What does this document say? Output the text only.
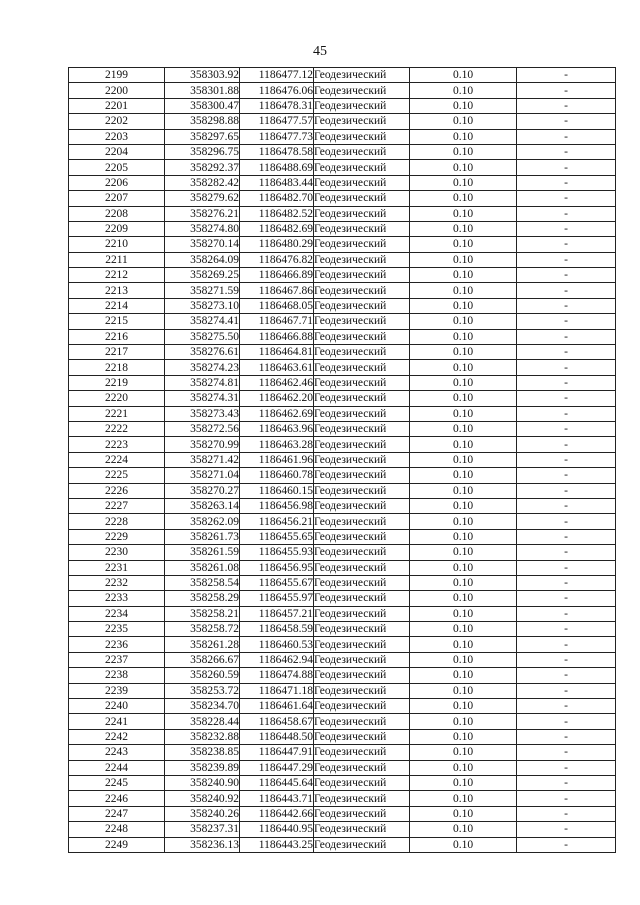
45
2199	358303.92	1186477.12	Геодезический	0.10	-
2200	358301.88	1186476.06	Геодезический	0.10	-
2201	358300.47	1186478.31	Геодезический	0.10	-
2202	358298.88	1186477.57	Геодезический	0.10	-
2203	358297.65	1186477.73	Геодезический	0.10	-
2204	358296.75	1186478.58	Геодезический	0.10	-
2205	358292.37	1186488.69	Геодезический	0.10	-
2206	358282.42	1186483.44	Геодезический	0.10	-
2207	358279.62	1186482.70	Геодезический	0.10	-
2208	358276.21	1186482.52	Геодезический	0.10	-
2209	358274.80	1186482.69	Геодезический	0.10	-
2210	358270.14	1186480.29	Геодезический	0.10	-
2211	358264.09	1186476.82	Геодезический	0.10	-
2212	358269.25	1186466.89	Геодезический	0.10	-
2213	358271.59	1186467.86	Геодезический	0.10	-
2214	358273.10	1186468.05	Геодезический	0.10	-
2215	358274.41	1186467.71	Геодезический	0.10	-
2216	358275.50	1186466.88	Геодезический	0.10	-
2217	358276.61	1186464.81	Геодезический	0.10	-
2218	358274.23	1186463.61	Геодезический	0.10	-
2219	358274.81	1186462.46	Геодезический	0.10	-
2220	358274.31	1186462.20	Геодезический	0.10	-
2221	358273.43	1186462.69	Геодезический	0.10	-
2222	358272.56	1186463.96	Геодезический	0.10	-
2223	358270.99	1186463.28	Геодезический	0.10	-
2224	358271.42	1186461.96	Геодезический	0.10	-
2225	358271.04	1186460.78	Геодезический	0.10	-
2226	358270.27	1186460.15	Геодезический	0.10	-
2227	358263.14	1186456.98	Геодезический	0.10	-
2228	358262.09	1186456.21	Геодезический	0.10	-
2229	358261.73	1186455.65	Геодезический	0.10	-
2230	358261.59	1186455.93	Геодезический	0.10	-
2231	358261.08	1186456.95	Геодезический	0.10	-
2232	358258.54	1186455.67	Геодезический	0.10	-
2233	358258.29	1186455.97	Геодезический	0.10	-
2234	358258.21	1186457.21	Геодезический	0.10	-
2235	358258.72	1186458.59	Геодезический	0.10	-
2236	358261.28	1186460.53	Геодезический	0.10	-
2237	358266.67	1186462.94	Геодезический	0.10	-
2238	358260.59	1186474.88	Геодезический	0.10	-
2239	358253.72	1186471.18	Геодезический	0.10	-
2240	358234.70	1186461.64	Геодезический	0.10	-
2241	358228.44	1186458.67	Геодезический	0.10	-
2242	358232.88	1186448.50	Геодезический	0.10	-
2243	358238.85	1186447.91	Геодезический	0.10	-
2244	358239.89	1186447.29	Геодезический	0.10	-
2245	358240.90	1186445.64	Геодезический	0.10	-
2246	358240.92	1186443.71	Геодезический	0.10	-
2247	358240.26	1186442.66	Геодезический	0.10	-
2248	358237.31	1186440.95	Геодезический	0.10	-
2249	358236.13	1186443.25	Геодезический	0.10	-
